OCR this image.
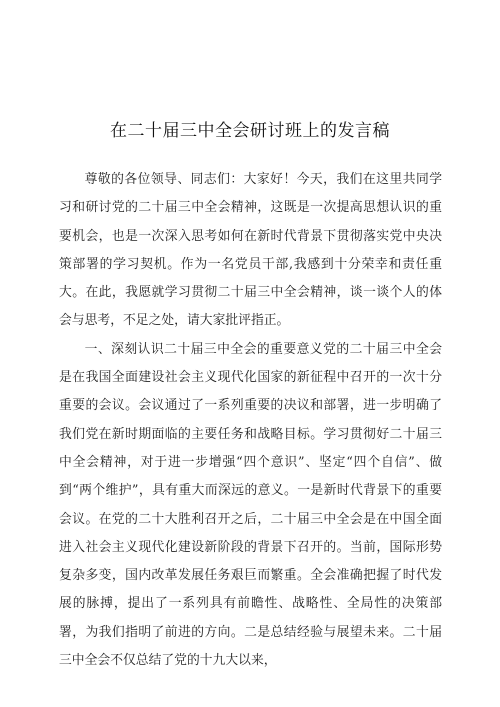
在二十届三中全会研讨班上的发言稿

尊敬的各位领导、同志们：大家好！今天，我们在这里共同学习和研讨党的二十届三中全会精神，这既是一次提高思想认识的重要机会，也是一次深入思考如何在新时代背景下贯彻落实党中央决策部署的学习契机。作为一名党员干部,我感到十分荣幸和责任重大。在此，我愿就学习贯彻二十届三中全会精神，谈一谈个人的体会与思考，不足之处，请大家批评指正。

一、深刻认识二十届三中全会的重要意义党的二十届三中全会是在我国全面建设社会主义现代化国家的新征程中召开的一次十分重要的会议。会议通过了一系列重要的决议和部署，进一步明确了我们党在新时期面临的主要任务和战略目标。学习贯彻好二十届三中全会精神，对于进一步增强“四个意识”、坚定“四个自信”、做到“两个维护”，具有重大而深远的意义。一是新时代背景下的重要会议。在党的二十大胜利召开之后，二十届三中全会是在中国全面进入社会主义现代化建设新阶段的背景下召开的。当前，国际形势复杂多变，国内改革发展任务艰巨而繁重。全会准确把握了时代发展的脉搏，提出了一系列具有前瞻性、战略性、全局性的决策部署，为我们指明了前进的方向。二是总结经验与展望未来。二十届三中全会不仅总结了党的十九大以来，
